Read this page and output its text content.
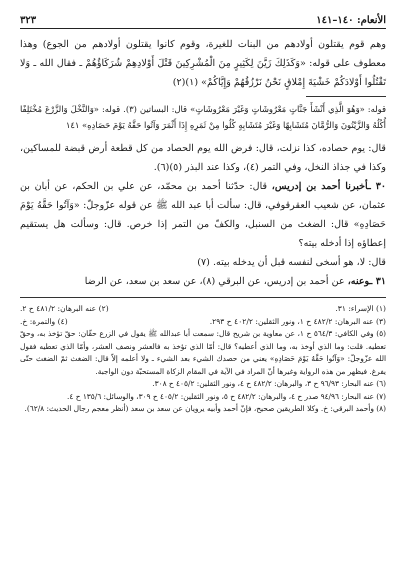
الأنعام: ١٤٠–١٤١
٣٢٣

وهم قوم يقتلون أولادهم من البنات للغيرة، وقوم كانوا يقتلون أولادهم من الجوع) وهذا معطوف على قوله: «وَكَذَلِكَ زَيَّنَ لِكَثِيرٍ مِنَ الْمُشْرِكِينَ قَتْلَ أَوْلادِهِمْ شُرَكَاؤُهُمْ ـ فقال الله ـ وَلا تَقْتُلُوا أَوْلادَكُمْ خَشْيَةَ إِمْلاقٍ نَحْنُ نَرْزُقُهُمْ وَإِيَّاكُمْ» (١)(٢)

قوله: «وَهُوَ الَّذِي أَنْشَأَ جَنَّاتٍ مَعْرُوشَاتٍ وَغَيْرَ مَعْرُوشَاتٍ» قال: البساتين (٣). قوله: «وَالنَّخْلَ وَالزَّرْعَ مُخْتَلِفًا أُكُلُهُ وَالزَّيْتُونَ وَالرُّمَّانَ مُتَشَابِهًا وَغَيْرَ مُتَشَابِهٍ كُلُوا مِنْ ثَمَرِهِ إِذَا أَثْمَرَ وَآتُوا حَقَّهُ يَوْمَ حَصَادِهِ» ١٤١

قال: يوم حصاده، كذا نزلت، قال: فرض الله يوم الحصاد من كل قطعة أرض قبضة للمساكين، وكذا في جذاذ النخل، وفي التمر (٤)، وكذا عند البذر (٥)(٦).

٣٠ ـأخبرنا أحمد بن إدريس، قال: حدّثنا أحمد بن محمّد، عن علي بن الحكم، عن أبان بن عثمان، عن شعيب العقرقوفي، قال: سألت أبا عبد الله ﷺ عن قوله عزّوجلّ: «وَآتُوا حَقَّهُ يَوْمَ حَصَادِهِ» قال: الضغث من السنبل، والكفّ من التمر إذا خرص. قال: وسألت هل يستقيم إعطاؤه إذا أدخله بيته؟

قال: لا، هو أسخى لنفسه قبل أن يدخله بيته. (٧)

٣١ ـوعنه، عن أحمد بن إدريس، عن البرقي (٨)، عن سعد بن سعد، عن الرضا

(١) الإسراء: ٣١.
(٢) عنه البرهان: ٤٨١/٢ ح ٢.
(٣) عنه البرهان: ٤٨٢/٢ ح ١، ونور الثقلين: ٤٠٢/٢ ح ٢٩٣.
(٤) والتمرة: خ.

(٥) وفي الكافي: ٥٦٤/٣ ح ١، عن معاوية بن شريح قال: سمعت أبا عبدالله ﷺ يقول في الزرع حقّان: حقّ تؤخذ به، وحقّ تعطيه. قلت: وما الذي أوخذ به، وما الذي أعطيه؟ قال: أمّا الذي تؤخذ به فالعشر ونصف العشر، وأمّا الذي تعطيه فقول الله عزّوجلّ: «وَآتُوا حَقَّهُ يَوْمَ حَصَادِهِ» يعني من حصدك الشيء بعد الشيء ـ ولا أعلمه إلاّ قال: الضغث ثمّ الضغث حتّى يفرغ. فيظهر من هذه الرواية وغيرها أنّ المراد في الآية في المقام الزكاة المستحبّة دون الواجبة.

(٦) عنه البحار: ٩٦/٩٣ ح ٣، والبرهان: ٤٨٢/٢ ح ٤، ونور الثقلين: ٤٠٥/٢ ح ٣٠٨.

(٧) عنه البحار: ٩٤/٩٦ صدر ح ٤، والبرهان: ٤٨٢/٢ ح ٥، ونور الثقلين: ٤٠٥/٢ ح ٣٠٩، والوسائل: ١٣٥/٦ ح ٤.

(٨) وأحمد البرقي: خ. وكلا الطريقين صحيح، فإنّ أحمد وأبيه يرويان عن سعد بن سعد (أنظر معجم رجال الحديث: ٦٢/٨).
